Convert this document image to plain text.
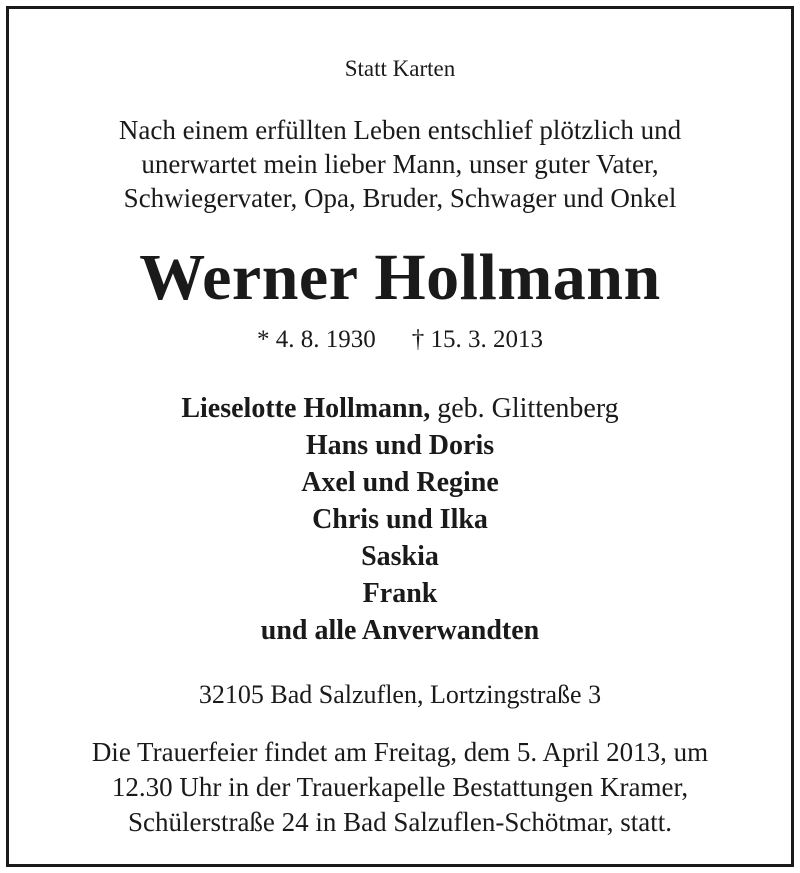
Statt Karten
Nach einem erfüllten Leben entschlief plötzlich und
unerwartet mein lieber Mann, unser guter Vater,
Schwiegervater, Opa, Bruder, Schwager und Onkel
Werner Hollmann
* 4. 8. 1930 † 15. 3. 2013
Lieselotte Hollmann, geb. Glittenberg
Hans und Doris
Axel und Regine
Chris und Ilka
Saskia
Frank
und alle Anverwandten
32105 Bad Salzuflen, Lortzingstraße 3
Die Trauerfeier findet am Freitag, dem 5. April 2013, um
12.30 Uhr in der Trauerkapelle Bestattungen Kramer,
Schülerstraße 24 in Bad Salzuflen-Schötmar, statt.
